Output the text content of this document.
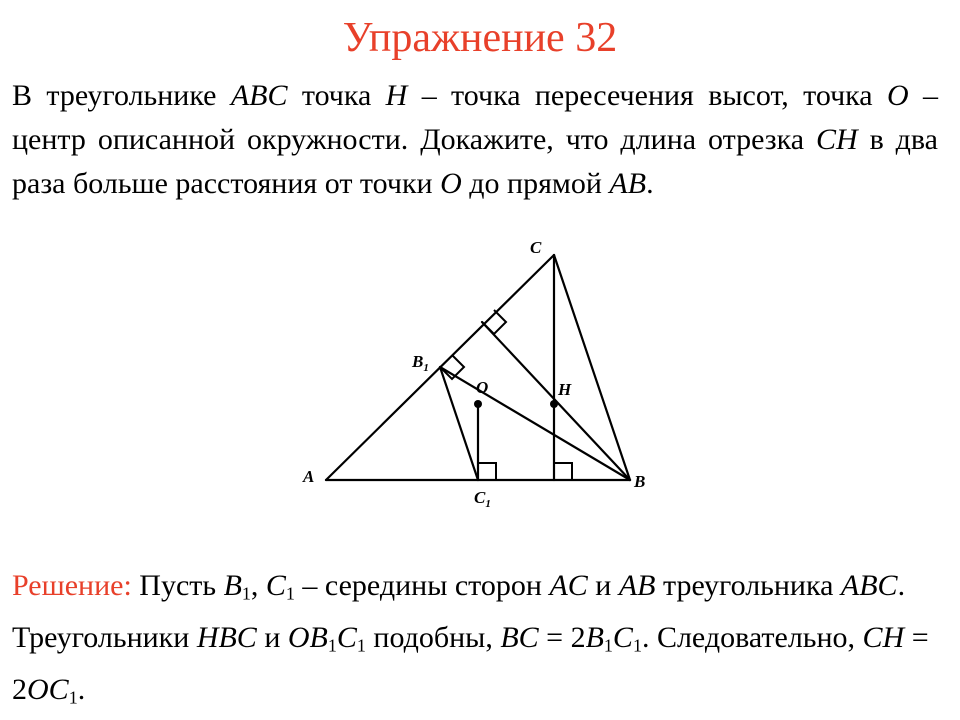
Упражнение 32
В треугольнике ABC точка H – точка пересечения высот, точка O – центр описанной окружности. Докажите, что длина отрезка CH в два раза больше расстояния от точки O до прямой AB.
A	B
C
H
O
$B_1$
$C_1$
Решение: Пусть $B_1$, $C_1$ – середины сторон AC и AB треугольника ABC. Треугольники HBC и $OB_1C_1$ подобны, BC = $2B_1C_1$. Следовательно, CH = $2OC_1$.
